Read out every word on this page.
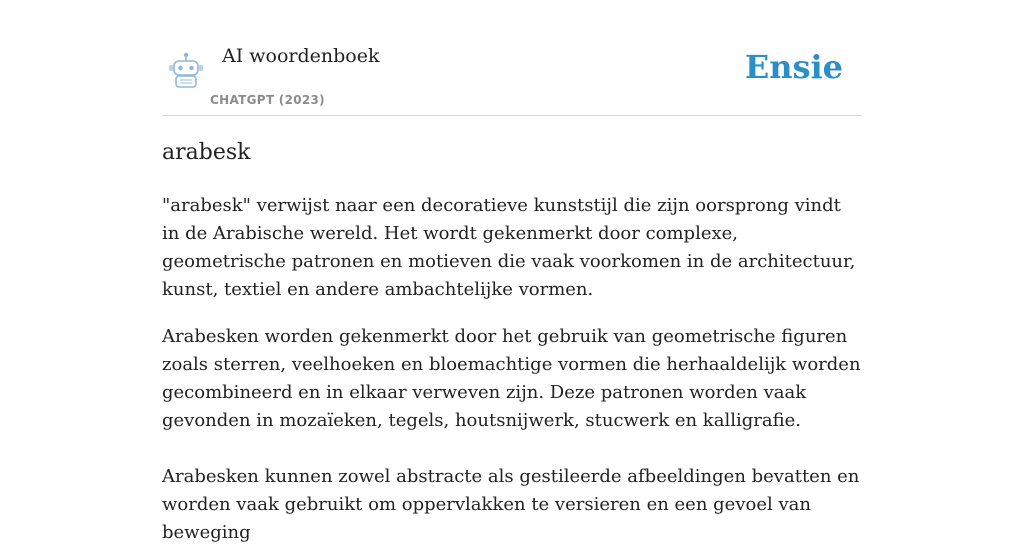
AI woordenboek
CHATGPT (2023)
Ensie
arabesk

"arabesk" verwijst naar een decoratieve kunststijl die zijn oorsprong vindt in de Arabische wereld. Het wordt gekenmerkt door complexe, geometrische patronen en motieven die vaak voorkomen in de architectuur, kunst, textiel en andere ambachtelijke vormen.

Arabesken worden gekenmerkt door het gebruik van geometrische figuren zoals sterren, veelhoeken en bloemachtige vormen die herhaaldelijk worden gecombineerd en in elkaar verweven zijn. Deze patronen worden vaak gevonden in mozaïeken, tegels, houtsnijwerk, stucwerk en kalligrafie.

Arabesken kunnen zowel abstracte als gestileerde afbeeldingen bevatten en worden vaak gebruikt om oppervlakken te versieren en een gevoel van beweging
